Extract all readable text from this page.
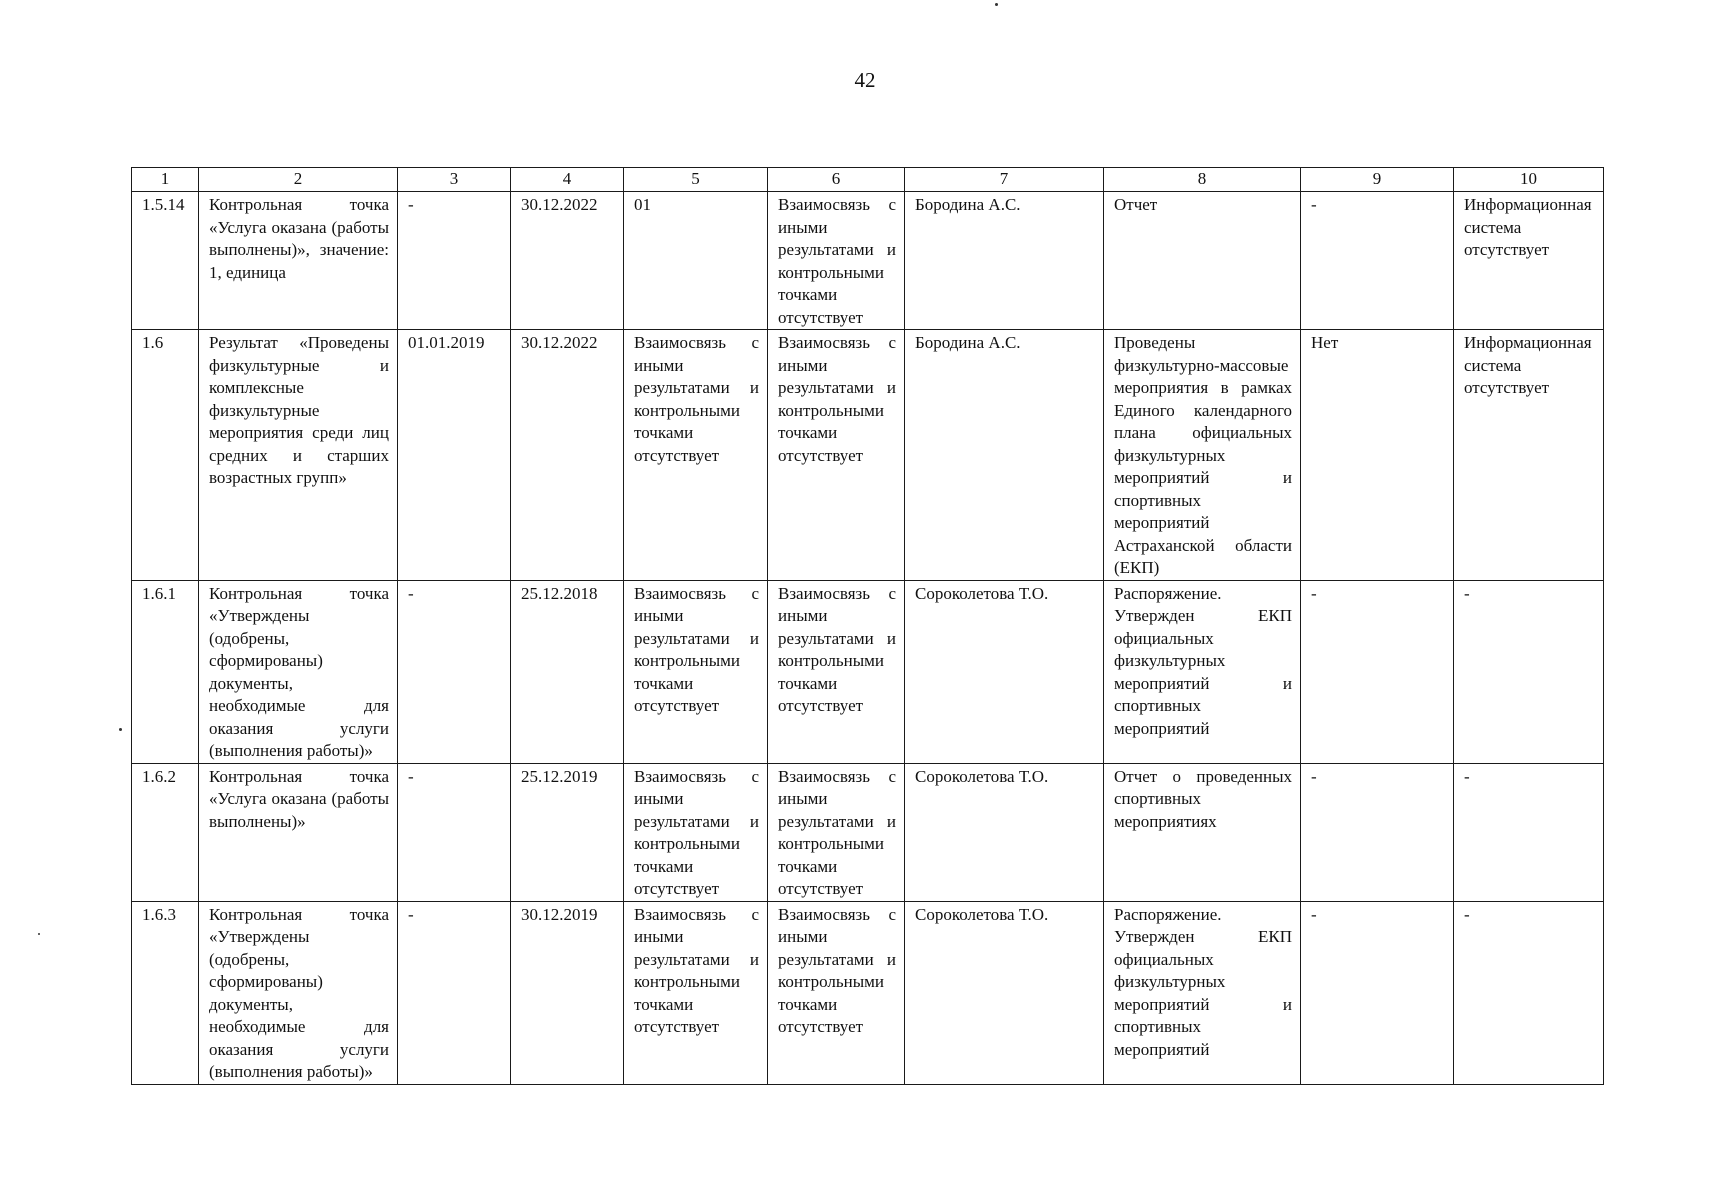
42
1	2	3	4	5	6	7	8	9	10
1.5.14	Контрольная точка «Услуга оказана (работы выполнены)», значение: 1, единица	-	30.12.2022	01	Взаимосвязь с иными результатами и контрольными точками отсутствует	Бородина А.С.	Отчет	-	Информационная система отсутствует
1.6	Результат «Проведены физкультурные и комплексные физкультурные мероприятия среди лиц средних и старших возрастных групп»	01.01.2019	30.12.2022	Взаимосвязь с иными результатами и контрольными точками отсутствует	Взаимосвязь с иными результатами и контрольными точками отсутствует	Бородина А.С.	Проведены физкультурно-массовые мероприятия в рамках Единого календарного плана официальных физкультурных мероприятий и спортивных мероприятий Астраханской области (ЕКП)	Нет	Информационная система отсутствует
1.6.1	Контрольная точка «Утверждены (одобрены, сформированы) документы, необходимые для оказания услуги (выполнения работы)»	-	25.12.2018	Взаимосвязь с иными результатами и контрольными точками отсутствует	Взаимосвязь с иными результатами и контрольными точками отсутствует	Сороколетова Т.О.	Распоряжение. Утвержден ЕКП официальных физкультурных мероприятий и спортивных мероприятий	-	-
1.6.2	Контрольная точка «Услуга оказана (работы выполнены)»	-	25.12.2019	Взаимосвязь с иными результатами и контрольными точками отсутствует	Взаимосвязь с иными результатами и контрольными точками отсутствует	Сороколетова Т.О.	Отчет о проведенных спортивных мероприятиях	-	-
1.6.3	Контрольная точка «Утверждены (одобрены, сформированы) документы, необходимые для оказания услуги (выполнения работы)»	-	30.12.2019	Взаимосвязь с иными результатами и контрольными точками отсутствует	Взаимосвязь с иными результатами и контрольными точками отсутствует	Сороколетова Т.О.	Распоряжение. Утвержден ЕКП официальных физкультурных мероприятий и спортивных мероприятий	-	-
